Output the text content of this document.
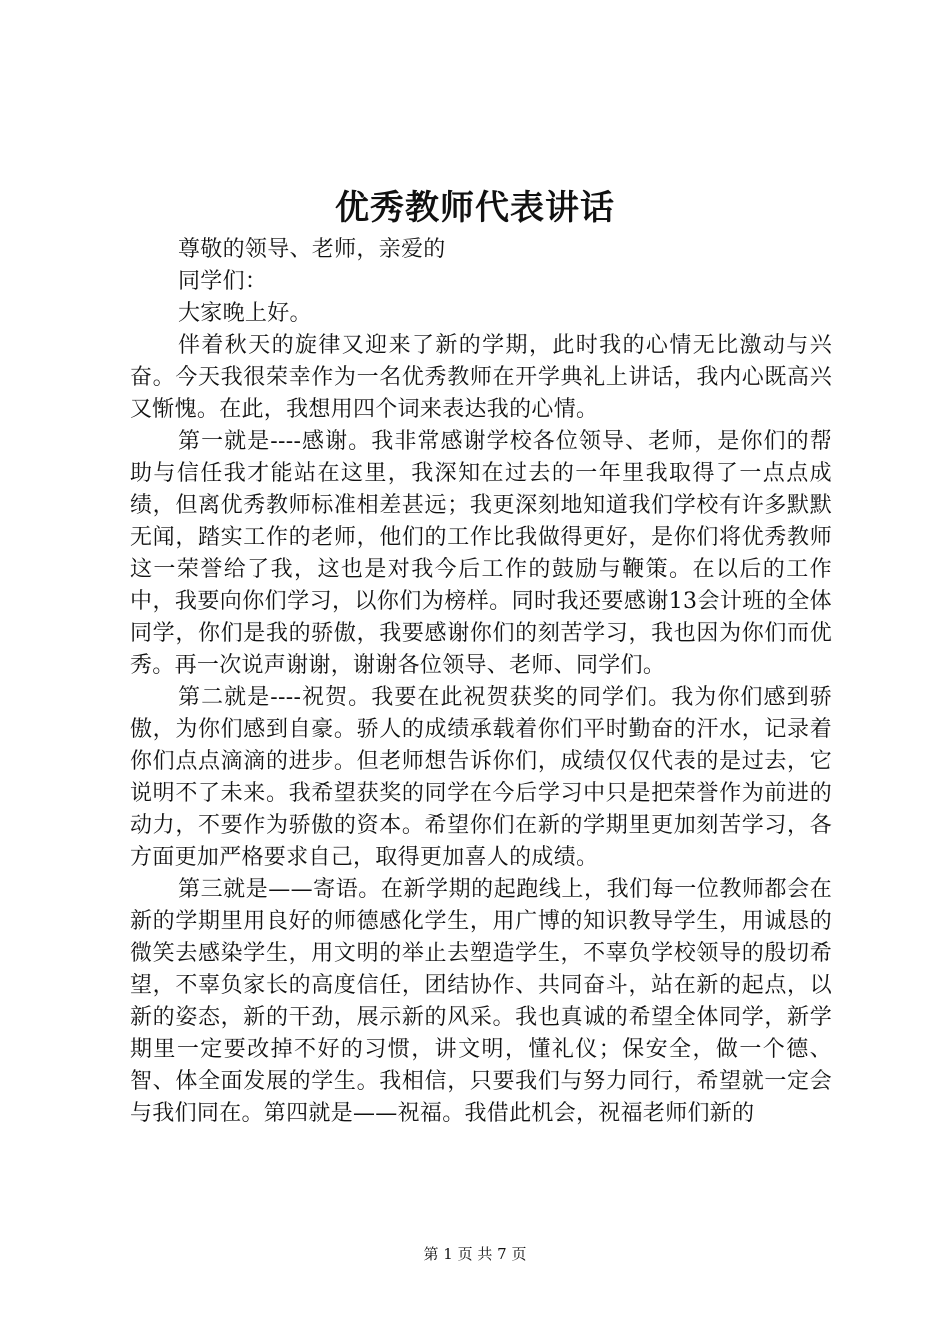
优秀教师代表讲话

尊敬的领导、老师，亲爱的

同学们：

大家晚上好。

伴着秋天的旋律又迎来了新的学期，此时我的心情无比激动与兴奋。今天我很荣幸作为一名优秀教师在开学典礼上讲话，我内心既高兴又惭愧。在此，我想用四个词来表达我的心情。

第一就是----感谢。我非常感谢学校各位领导、老师，是你们的帮助与信任我才能站在这里，我深知在过去的一年里我取得了一点点成绩，但离优秀教师标准相差甚远；我更深刻地知道我们学校有许多默默无闻，踏实工作的老师，他们的工作比我做得更好，是你们将优秀教师这一荣誉给了我，这也是对我今后工作的鼓励与鞭策。在以后的工作中，我要向你们学习，以你们为榜样。同时我还要感谢13会计班的全体同学，你们是我的骄傲，我要感谢你们的刻苦学习，我也因为你们而优秀。再一次说声谢谢，谢谢各位领导、老师、同学们。

第二就是----祝贺。我要在此祝贺获奖的同学们。我为你们感到骄傲，为你们感到自豪。骄人的成绩承载着你们平时勤奋的汗水，记录着你们点点滴滴的进步。但老师想告诉你们，成绩仅仅代表的是过去，它说明不了未来。我希望获奖的同学在今后学习中只是把荣誉作为前进的动力，不要作为骄傲的资本。希望你们在新的学期里更加刻苦学习，各方面更加严格要求自己，取得更加喜人的成绩。

第三就是——寄语。在新学期的起跑线上，我们每一位教师都会在新的学期里用良好的师德感化学生，用广博的知识教导学生，用诚恳的微笑去感染学生，用文明的举止去塑造学生，不辜负学校领导的殷切希望，不辜负家长的高度信任，团结协作、共同奋斗，站在新的起点，以新的姿态，新的干劲，展示新的风采。我也真诚的希望全体同学，新学期里一定要改掉不好的习惯，讲文明，懂礼仪；保安全，做一个德、智、体全面发展的学生。我相信，只要我们与努力同行，希望就一定会与我们同在。第四就是——祝福。我借此机会，祝福老师们新的

第 1 页 共 7 页
